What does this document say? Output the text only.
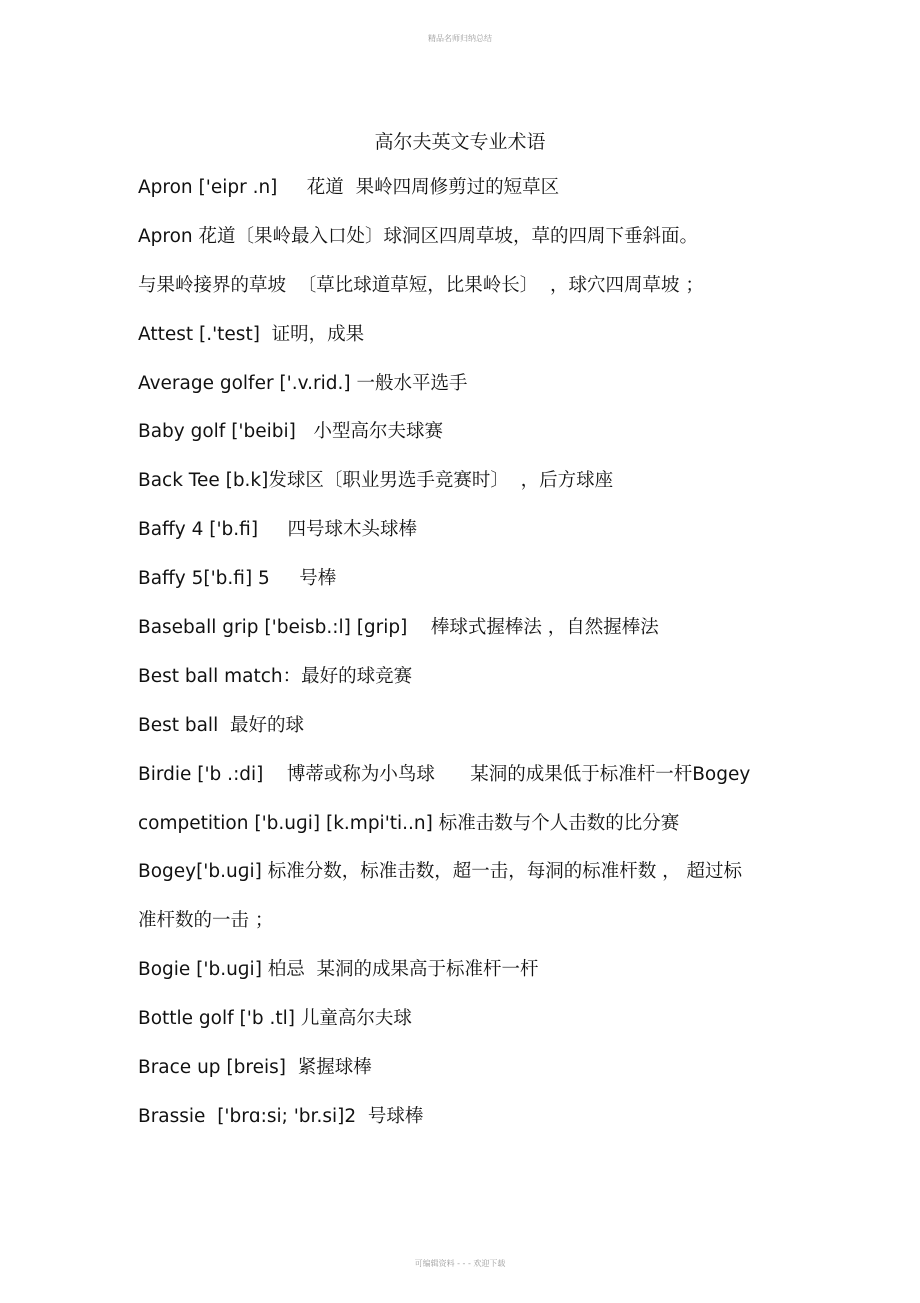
精品名师归纳总结
高尔夫英文专业术语
Apron ['eipr .n]     花道  果岭四周修剪过的短草区
Apron 花道〔果岭最入口处〕球洞区四周草坡，草的四周下垂斜面。
与果岭接界的草坡  〔草比球道草短，比果岭长〕  ，球穴四周草坡 ；
Attest [.'test]  证明，成果
Average golfer ['.v.rid.] 一般水平选手
Baby golf ['beibi]   小型高尔夫球赛
Back Tee [b.k]发球区〔职业男选手竞赛时〕  ，后方球座
Baffy 4 ['b.fi]     四号球木头球棒
Baffy 5['b.fi] 5     号棒
Baseball grip ['beisb.:l] [grip]    棒球式握棒法 ，自然握棒法
Best ball match：最好的球竞赛
Best ball  最好的球
Birdie ['b .:di]    博蒂或称为小鸟球      某洞的成果低于标准杆一杆Bogey
competition ['b.uɡi] [k.mpi'ti..n] 标准击数与个人击数的比分赛
Bogey['b.uɡi] 标准分数，标准击数，超一击，每洞的标准杆数 ， 超过标
准杆数的一击 ；
Bogie ['b.uɡi] 柏忌  某洞的成果高于标准杆一杆
Bottle golf ['b .tl] 儿童高尔夫球
Brace up [breis]  紧握球棒
Brassie  ['brɑ:si; 'br.si]2  号球棒
可编辑资料 - - - 欢迎下载
